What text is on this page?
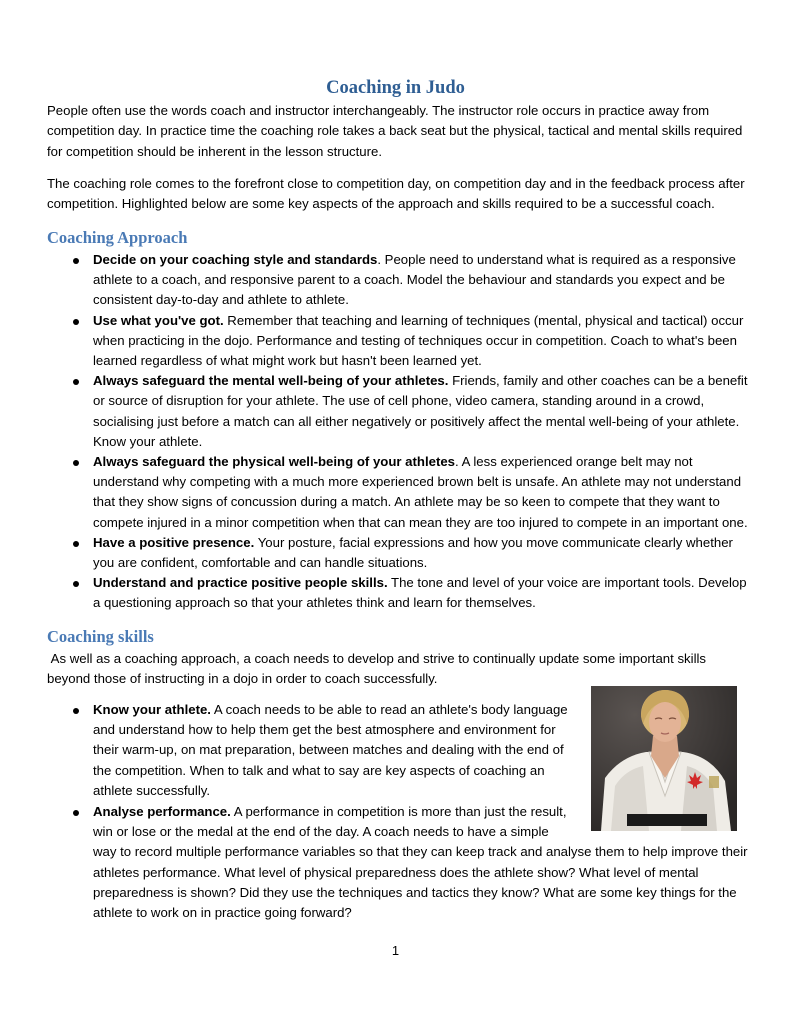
Coaching in Judo

People often use the words coach and instructor interchangeably. The instructor role occurs in practice away from competition day. In practice time the coaching role takes a back seat but the physical, tactical and mental skills required for competition should be inherent in the lesson structure.

The coaching role comes to the forefront close to competition day, on competition day and in the feedback process after competition. Highlighted below are some key aspects of the approach and skills required to be a successful coach.

Coaching Approach
Decide on your coaching style and standards. People need to understand what is required as a responsive athlete to a coach, and responsive parent to a coach. Model the behaviour and standards you expect and be consistent day-to-day and athlete to athlete.
Use what you've got. Remember that teaching and learning of techniques (mental, physical and tactical) occur when practicing in the dojo. Performance and testing of techniques occur in competition. Coach to what's been learned regardless of what might work but hasn't been learned yet.
Always safeguard the mental well-being of your athletes. Friends, family and other coaches can be a benefit or source of disruption for your athlete. The use of cell phone, video camera, standing around in a crowd, socialising just before a match can all either negatively or positively affect the mental well-being of your athlete. Know your athlete.
Always safeguard the physical well-being of your athletes. A less experienced orange belt may not understand why competing with a much more experienced brown belt is unsafe. An athlete may not understand that they show signs of concussion during a match. An athlete may be so keen to compete that they want to compete injured in a minor competition when that can mean they are too injured to compete in an important one.
Have a positive presence. Your posture, facial expressions and how you move communicate clearly whether you are confident, comfortable and can handle situations.
Understand and practice positive people skills. The tone and level of your voice are important tools. Develop a questioning approach so that your athletes think and learn for themselves.
Coaching skills

As well as a coaching approach, a coach needs to develop and strive to continually update some important skills beyond those of instructing in a dojo in order to coach successfully.

Know your athlete. A coach needs to be able to read an athlete's body language and understand how to help them get the best atmosphere and environment for their warm-up, on mat preparation, between matches and dealing with the end of the competition. When to talk and what to say are key aspects of coaching an athlete successfully.
Analyse performance. A performance in competition is more than just the result, win or lose or the medal at the end of the day. A coach needs to have a simple way to record multiple performance variables so that they can keep track and analyse them to help improve their athletes performance. What level of physical preparedness does the athlete show? What level of mental preparedness is shown? Did they use the techniques and tactics they know? What are some key things for the athlete to work on in practice going forward?

1
